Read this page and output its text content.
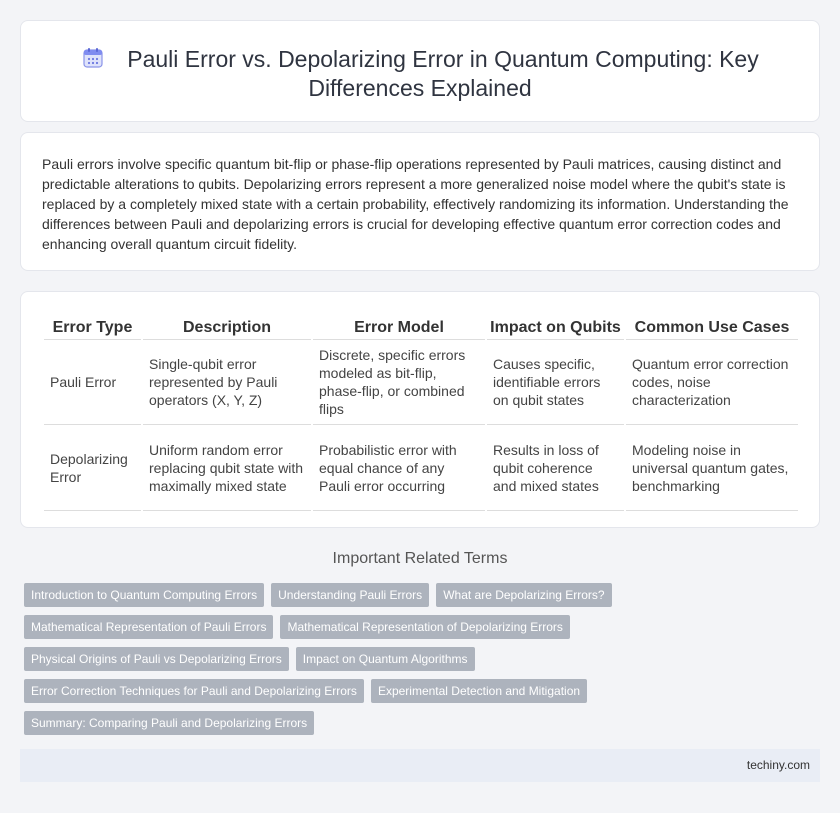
Pauli Error vs. Depolarizing Error in Quantum Computing: Key Differences Explained

Pauli errors involve specific quantum bit-flip or phase-flip operations represented by Pauli matrices, causing distinct and predictable alterations to qubits. Depolarizing errors represent a more generalized noise model where the qubit's state is replaced by a completely mixed state with a certain probability, effectively randomizing its information. Understanding the differences between Pauli and depolarizing errors is crucial for developing effective quantum error correction codes and enhancing overall quantum circuit fidelity.

Error Type	Description	Error Model	Impact on Qubits	Common Use Cases
Pauli Error	Single-qubit error represented by Pauli operators (X, Y, Z)	Discrete, specific errors modeled as bit-flip, phase-flip, or combined flips	Causes specific, identifiable errors on qubit states	Quantum error correction codes, noise characterization
Depolarizing Error	Uniform random error replacing qubit state with maximally mixed state	Probabilistic error with equal chance of any Pauli error occurring	Results in loss of qubit coherence and mixed states	Modeling noise in universal quantum gates, benchmarking
Important Related Terms
Introduction to Quantum Computing Errors	Understanding Pauli Errors	What are Depolarizing Errors?
Mathematical Representation of Pauli Errors	Mathematical Representation of Depolarizing Errors
Physical Origins of Pauli vs Depolarizing Errors	Impact on Quantum Algorithms
Error Correction Techniques for Pauli and Depolarizing Errors	Experimental Detection and Mitigation
Summary: Comparing Pauli and Depolarizing Errors
techiny.com
